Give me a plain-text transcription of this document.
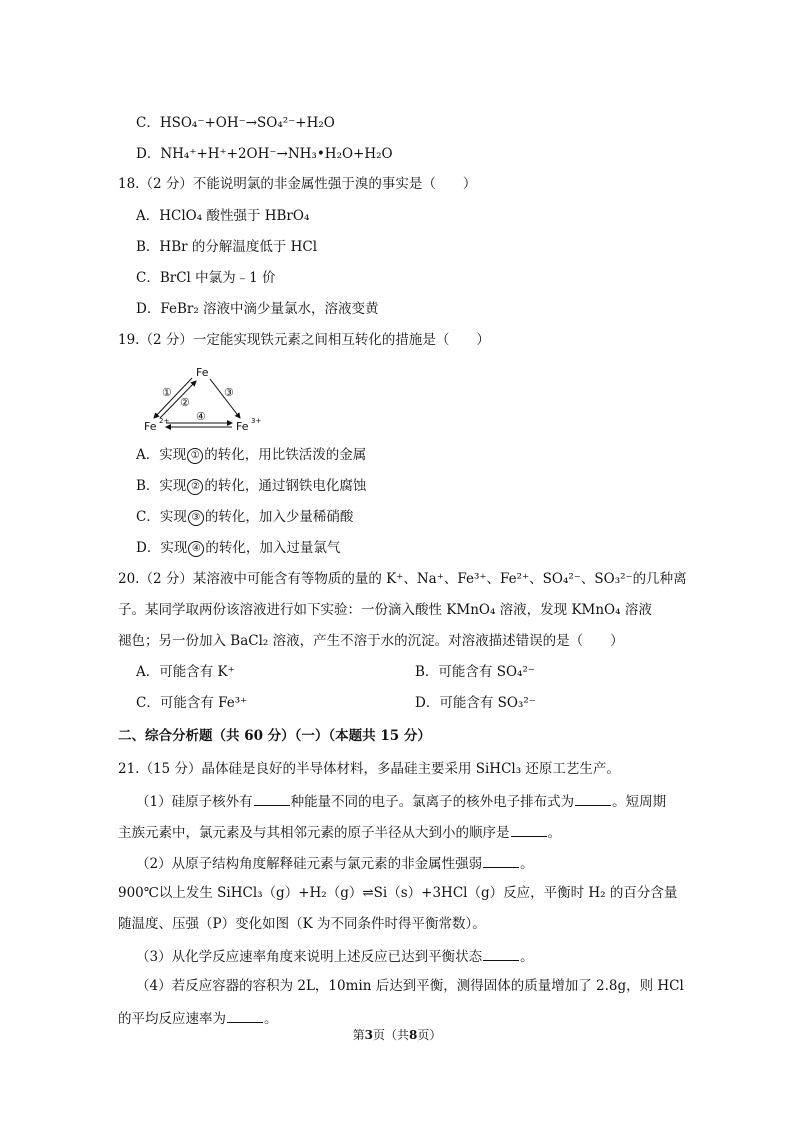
C．HSO₄⁻+OH⁻→SO₄²⁻+H₂O
D．NH₄⁺+H⁺+2OH⁻→NH₃•H₂O+H₂O
18.（2 分）不能说明氯的非金属性强于溴的事实是（　　）
A．HClO₄ 酸性强于 HBrO₄
B．HBr 的分解温度低于 HCl
C．BrCl 中氯为﹣1 价
D．FeBr₂ 溶液中滴少量氯水，溶液变黄
19.（2 分）一定能实现铁元素之间相互转化的措施是（　　）
Fe
Fe 2+	Fe 3+
①
②
③
④
A．实现 ① 的转化，用比铁活泼的金属
B．实现 ② 的转化，通过钢铁电化腐蚀
C．实现 ③ 的转化，加入少量稀硝酸
D．实现 ④ 的转化，加入过量氯气
20.（2 分）某溶液中可能含有等物质的量的 K⁺、Na⁺、Fe³⁺、Fe²⁺、SO₄²⁻、SO₃²⁻的几种离
子。某同学取两份该溶液进行如下实验：一份滴入酸性 KMnO₄ 溶液，发现 KMnO₄ 溶液
褪色；另一份加入 BaCl₂ 溶液，产生不溶于水的沉淀。对溶液描述错误的是（　　）
A．可能含有 K⁺	B．可能含有 SO₄²⁻
C．可能含有 Fe³⁺	D．可能含有 SO₃²⁻
二、综合分析题（共 60 分）（一）（本题共 15 分）
21.（15 分）晶体硅是良好的半导体材料，多晶硅主要采用 SiHCl₃ 还原工艺生产。
（1）硅原子核外有	种能量不同的电子。氯离子的核外电子排布式为	。短周期
主族元素中，氯元素及与其相邻元素的原子半径从大到小的顺序是	。
（2）从原子结构角度解释硅元素与氯元素的非金属性强弱	。
900℃以上发生 SiHCl₃（g）+H₂（g）⇌Si（s）+3HCl（g）反应，平衡时 H₂ 的百分含量
随温度、压强（P）变化如图（K 为不同条件时得平衡常数）。
（3）从化学反应速率角度来说明上述反应已达到平衡状态	。
（4）若反应容器的容积为 2L，10min 后达到平衡，测得固体的质量增加了 2.8g，则 HCl
的平均反应速率为	。
第3页（共8页）
